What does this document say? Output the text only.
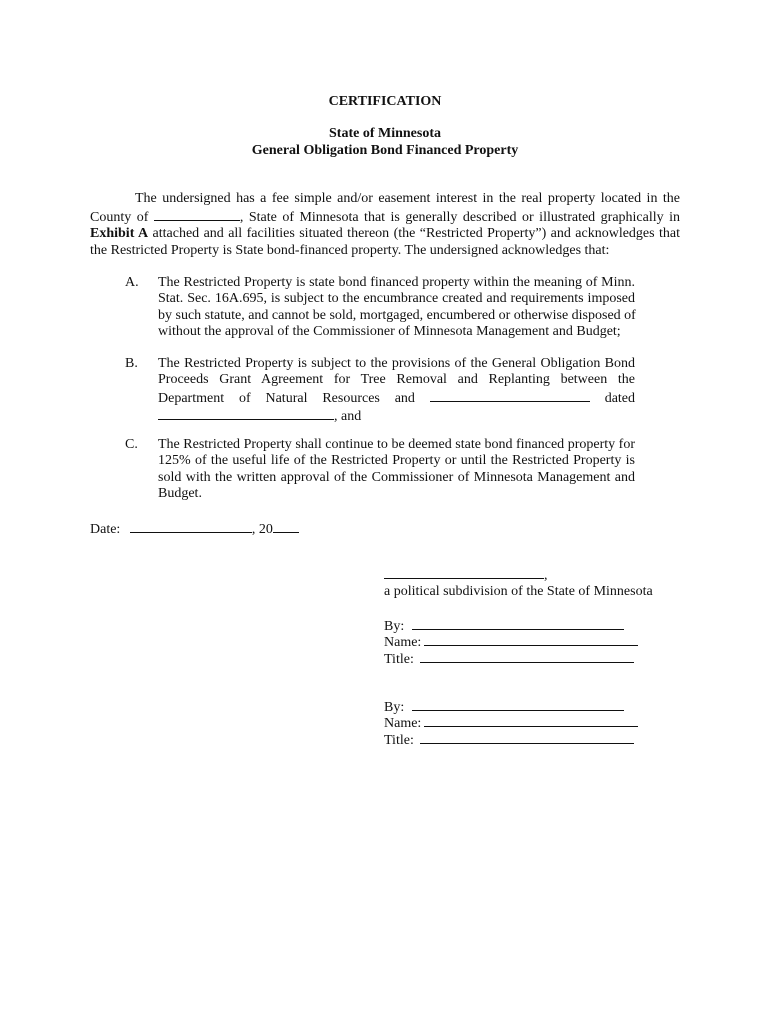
CERTIFICATION
State of Minnesota
General Obligation Bond Financed Property
The undersigned has a fee simple and/or easement interest in the real property located in the
County of	, State of Minnesota that is generally described or illustrated graphically in
Exhibit A attached and all facilities situated thereon (the “Restricted Property”) and acknowledges that
the Restricted Property is State bond-financed property. The undersigned acknowledges that:
A. The Restricted Property is state bond financed property within the meaning of Minn.
Stat. Sec. 16A.695, is subject to the encumbrance created and requirements imposed
by such statute, and cannot be sold, mortgaged, encumbered or otherwise disposed of
without the approval of the Commissioner of Minnesota Management and Budget;
B. The Restricted Property is subject to the provisions of the General Obligation Bond
Proceeds Grant Agreement for Tree Removal and Replanting between the
Department of Natural Resources and	dated
, and
C. The Restricted Property shall continue to be deemed state bond financed property for
125% of the useful life of the Restricted Property or until the Restricted Property is
sold with the written approval of the Commissioner of Minnesota Management and
Budget.
Date:	, 20
,
a political subdivision of the State of Minnesota
By:
Name:
Title:
By:
Name:
Title:
